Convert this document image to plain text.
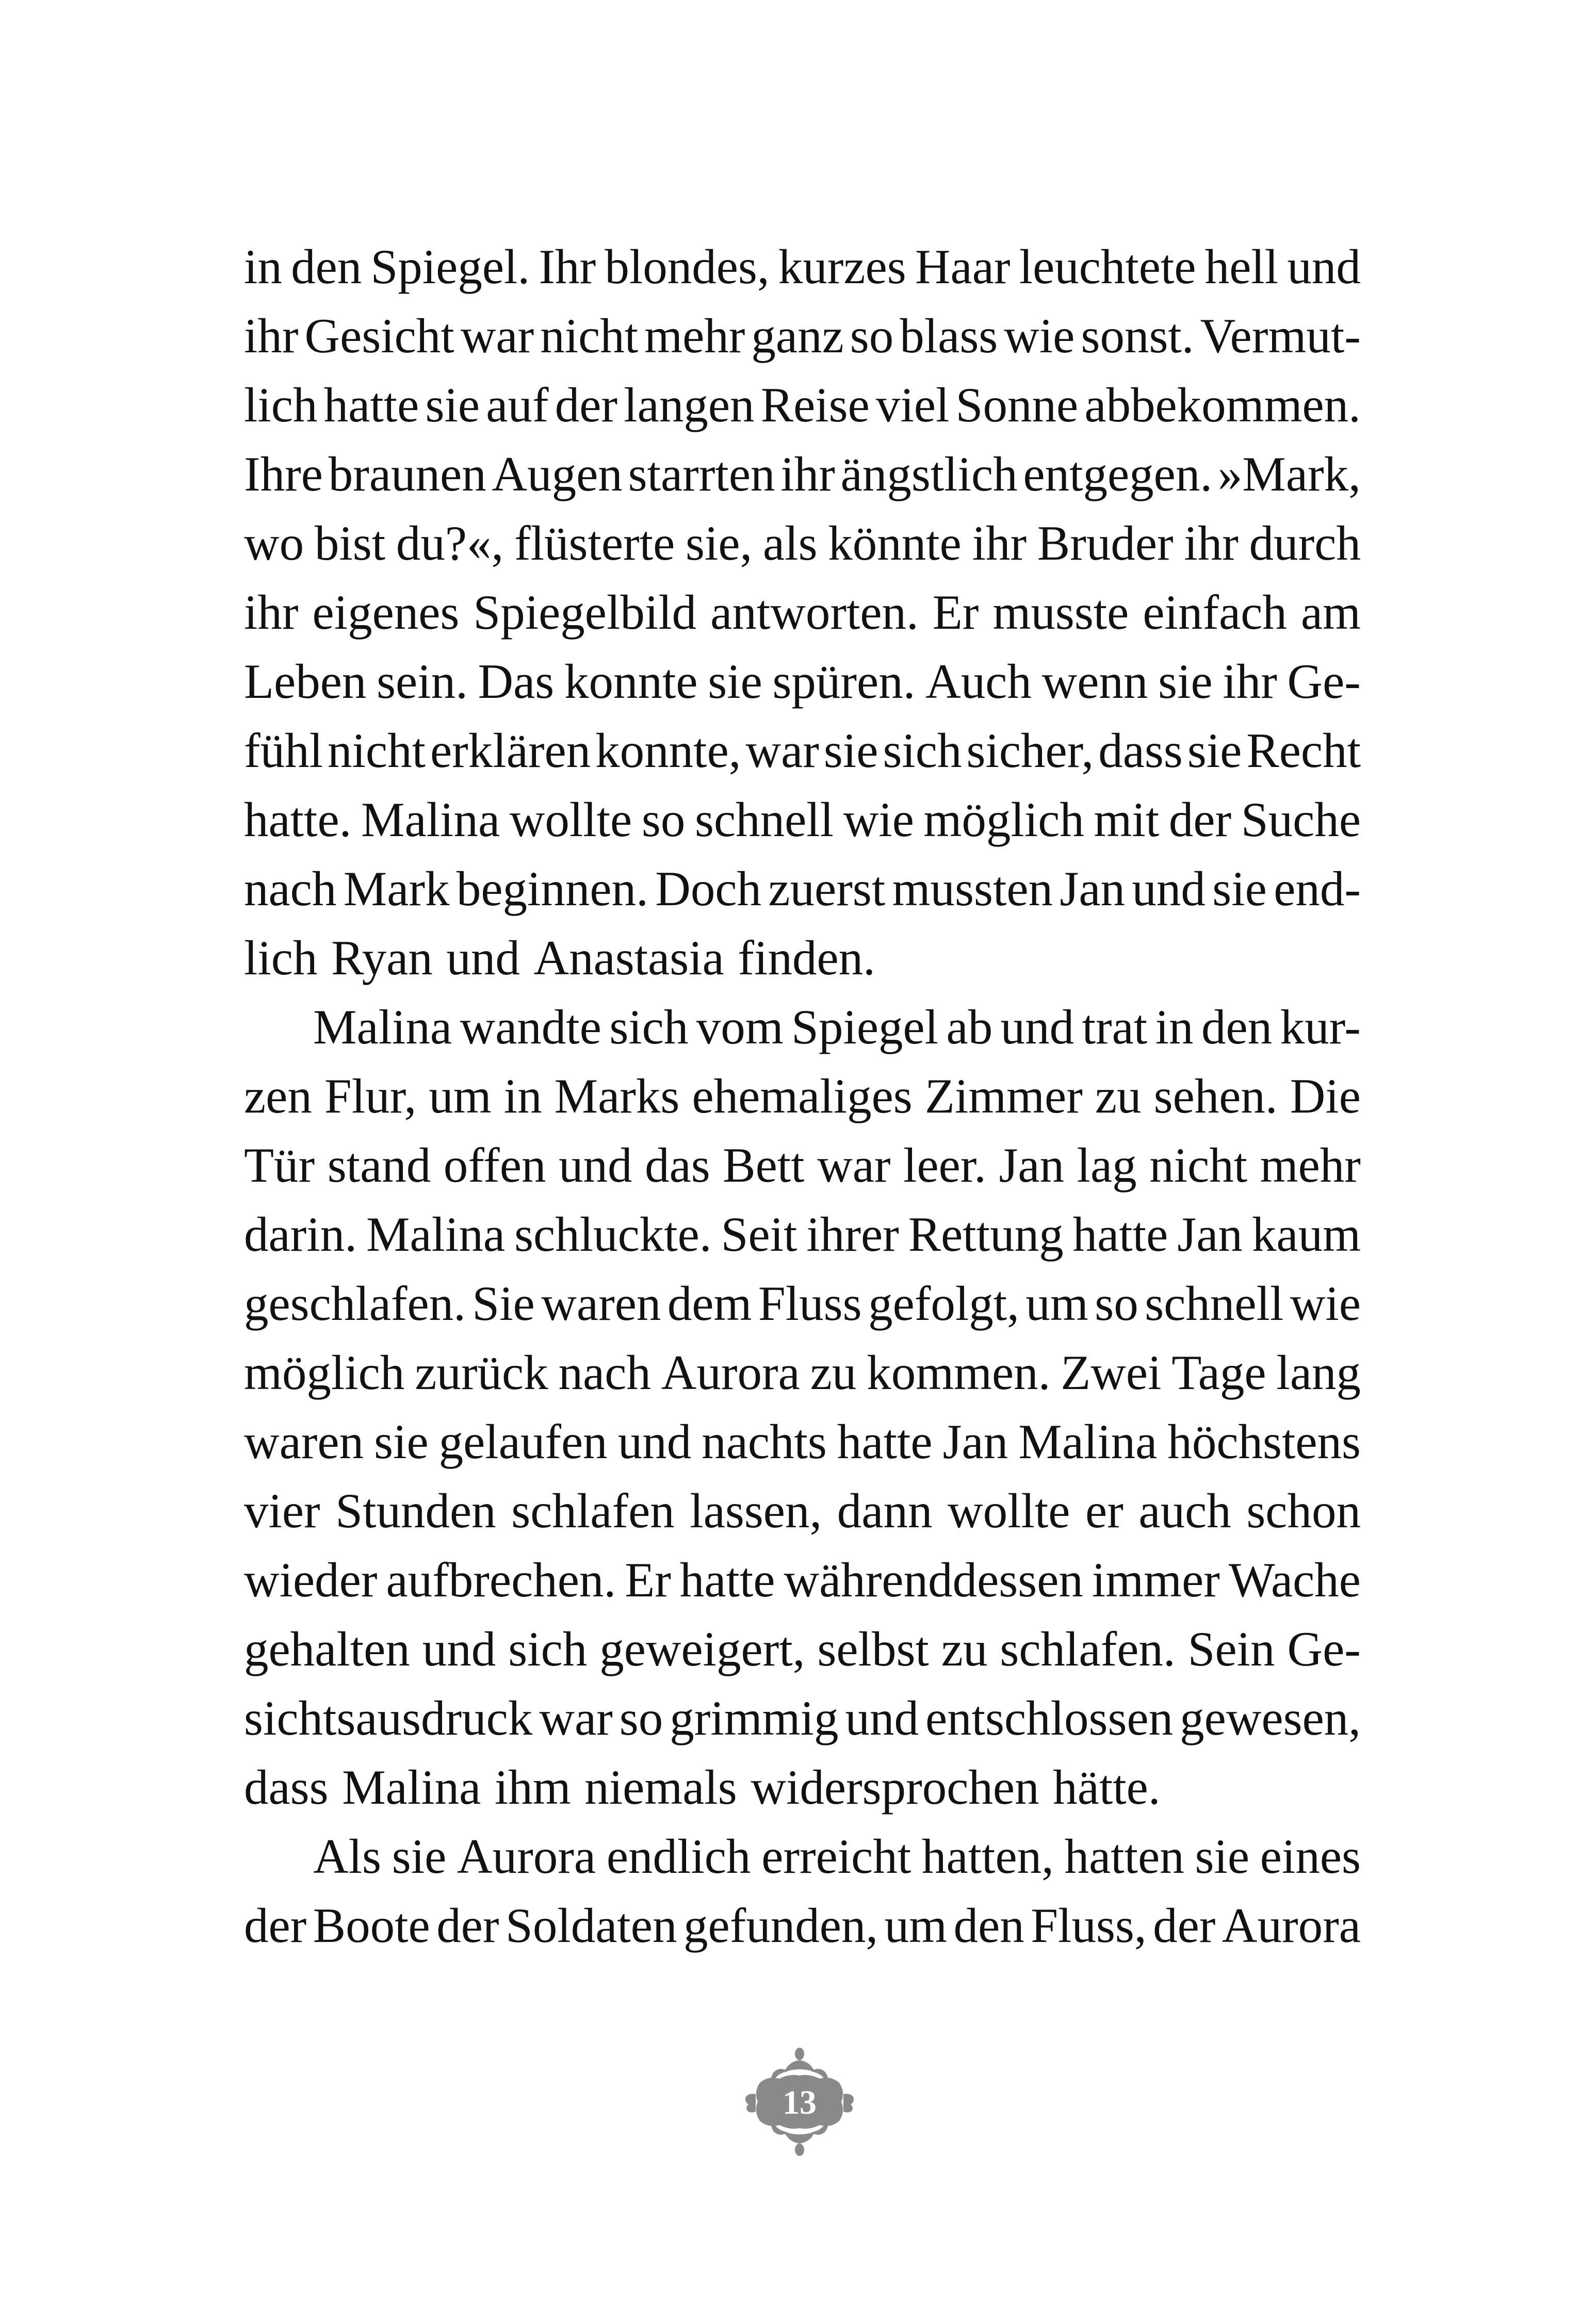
in den Spiegel. Ihr blondes, kurzes Haar leuchtete hell und
ihr Gesicht war nicht mehr ganz so blass wie sonst. Vermut-
lich hatte sie auf der langen Reise viel Sonne abbekommen.
Ihre braunen Augen starrten ihr ängstlich entgegen. »Mark,
wo bist du?«, flüsterte sie, als könnte ihr Bruder ihr durch
ihr eigenes Spiegelbild antworten. Er musste einfach am
Leben sein. Das konnte sie spüren. Auch wenn sie ihr Ge-
fühl nicht erklären konnte, war sie sich sicher, dass sie Recht
hatte. Malina wollte so schnell wie möglich mit der Suche
nach Mark beginnen. Doch zuerst mussten Jan und sie end-
lich Ryan und Anastasia finden.
Malina wandte sich vom Spiegel ab und trat in den kur-
zen Flur, um in Marks ehemaliges Zimmer zu sehen. Die
Tür stand offen und das Bett war leer. Jan lag nicht mehr
darin. Malina schluckte. Seit ihrer Rettung hatte Jan kaum
geschlafen. Sie waren dem Fluss gefolgt, um so schnell wie
möglich zurück nach Aurora zu kommen. Zwei Tage lang
waren sie gelaufen und nachts hatte Jan Malina höchstens
vier Stunden schlafen lassen, dann wollte er auch schon
wieder aufbrechen. Er hatte währenddessen immer Wache
gehalten und sich geweigert, selbst zu schlafen. Sein Ge-
sichtsausdruck war so grimmig und entschlossen gewesen,
dass Malina ihm niemals widersprochen hätte.
Als sie Aurora endlich erreicht hatten, hatten sie eines
der Boote der Soldaten gefunden, um den Fluss, der Aurora
13
